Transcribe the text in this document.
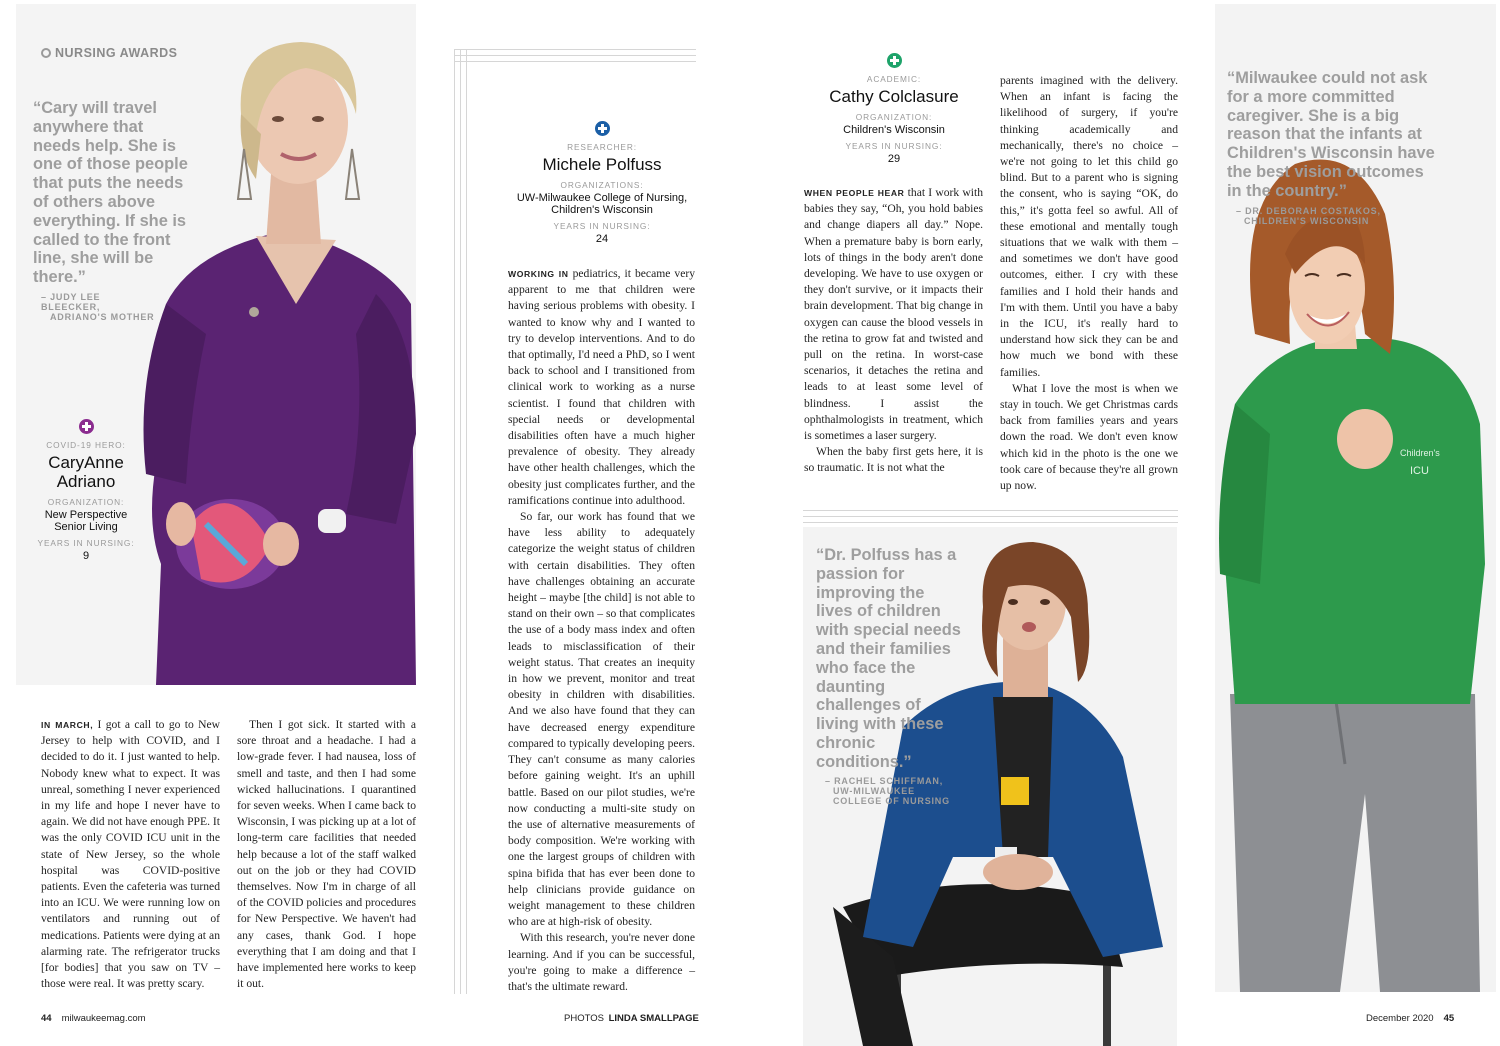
Children's
ICU
NURSING AWARDS
“Cary will travel anywhere that needs help. She is one of those people that puts the needs of others above everything. If she is called to the front line, she will be there.”
– JUDY LEE BLEECKER,
ADRIANO'S MOTHER
COVID-19 HERO:
CaryAnne
Adriano
ORGANIZATION:
New Perspective
Senior Living
YEARS IN NURSING:
9

IN MARCH, I got a call to go to New Jersey to help with COVID, and I decided to do it. I just wanted to help. Nobody knew what to expect. It was unreal, something I never experienced in my life and hope I never have to again. We did not have enough PPE. It was the only COVID ICU unit in the state of New Jersey, so the whole hospital was COVID-positive patients. Even the cafeteria was turned into an ICU. We were running low on ventilators and running out of medications. Patients were dying at an alarming rate. The refrigerator trucks [for bodies] that you saw on TV – those were real. It was pretty scary.

Then I got sick. It started with a sore throat and a headache. I had a low-grade fever. I had nausea, loss of smell and taste, and then I had some wicked hallucinations. I quarantined for seven weeks. When I came back to Wisconsin, I was picking up at a lot of long-term care facilities that needed help because a lot of the staff walked out on the job or they had COVID themselves. Now I'm in charge of all of the COVID policies and procedures for New Perspective. We haven't had any cases, thank God. I hope everything that I am doing and that I have implemented here works to keep it out.

RESEARCHER:
Michele Polfuss
ORGANIZATIONS:
UW-Milwaukee College of Nursing,
Children's Wisconsin
YEARS IN NURSING:
24

WORKING IN pediatrics, it became very apparent to me that children were having serious problems with obesity. I wanted to know why and I wanted to try to develop interventions. And to do that optimally, I'd need a PhD, so I went back to school and I transitioned from clinical work to working as a nurse scientist. I found that children with special needs or developmental disabilities often have a much higher prevalence of obesity. They already have other health challenges, which the obesity just complicates further, and the ramifications continue into adulthood.

So far, our work has found that we have less ability to adequately categorize the weight status of children with certain disabilities. They often have challenges obtaining an accurate height – maybe [the child] is not able to stand on their own – so that complicates the use of a body mass index and often leads to misclassification of their weight status. That creates an inequity in how we prevent, monitor and treat obesity in children with disabilities. And we also have found that they can have decreased energy expenditure compared to typically developing peers. They can't consume as many calories before gaining weight. It's an uphill battle. Based on our pilot studies, we're now conducting a multi-site study on the use of alternative measurements of body composition. We're working with one the largest groups of children with spina bifida that has ever been done to help clinicians provide guidance on weight management to these children who are at high-risk of obesity.

With this research, you're never done learning. And if you can be successful, you're going to make a difference – that's the ultimate reward.

ACADEMIC:
Cathy Colclasure
ORGANIZATION:
Children's Wisconsin
YEARS IN NURSING:
29

WHEN PEOPLE HEAR that I work with babies they say, “Oh, you hold babies and change diapers all day.” Nope. When a premature baby is born early, lots of things in the body aren't done developing. We have to use oxygen or they don't survive, or it impacts their brain development. That big change in oxygen can cause the blood vessels in the retina to grow fat and twisted and pull on the retina. In worst-case scenarios, it detaches the retina and leads to at least some level of blindness. I assist the ophthalmologists in treatment, which is sometimes a laser surgery.

When the baby first gets here, it is so traumatic. It is not what the

parents imagined with the delivery. When an infant is facing the likelihood of surgery, if you're thinking academically and mechanically, there's no choice – we're not going to let this child go blind. But to a parent who is signing the consent, who is saying “OK, do this,” it's gotta feel so awful. All of these emotional and mentally tough situations that we walk with them – and sometimes we don't have good outcomes, either. I cry with these families and I hold their hands and I'm with them. Until you have a baby in the ICU, it's really hard to understand how sick they can be and how much we bond with these families.

What I love the most is when we stay in touch. We get Christmas cards back from families years and years down the road. We don't even know which kid in the photo is the one we took care of because they're all grown up now.

“Dr. Polfuss has a passion for improving the lives of children with special needs and their families who face the daunting challenges of living with these chronic conditions.”
– RACHEL SCHIFFMAN,
UW-MILWAUKEE
COLLEGE OF NURSING
“Milwaukee could not ask for a more committed caregiver. She is a big reason that the infants at Children's Wisconsin have the best vision outcomes in the country.”
– DR. DEBORAH COSTAKOS,
CHILDREN'S WISCONSIN
44 milwaukeemag.com	PHOTOS LINDA SMALLPAGE	December 2020 45
